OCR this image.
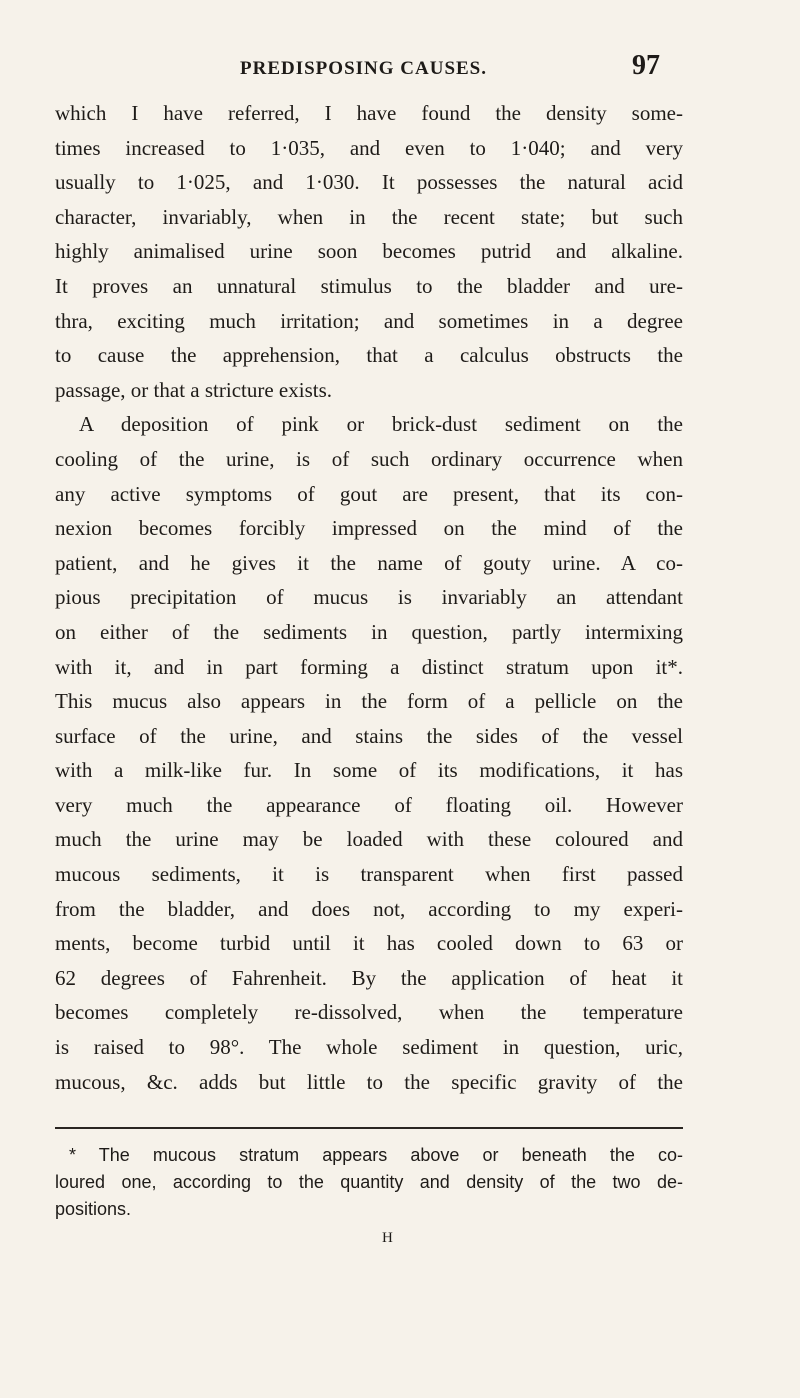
PREDISPOSING CAUSES.	97
which I have referred, I have found the density some-
times increased to 1·035, and even to 1·040; and very
usually to 1·025, and 1·030. It possesses the natural acid
character, invariably, when in the recent state; but such
highly animalised urine soon becomes putrid and alkaline.
It proves an unnatural stimulus to the bladder and ure-
thra, exciting much irritation; and sometimes in a degree
to cause the apprehension, that a calculus obstructs the
passage, or that a stricture exists.
A deposition of pink or brick-dust sediment on the
cooling of the urine, is of such ordinary occurrence when
any active symptoms of gout are present, that its con-
nexion becomes forcibly impressed on the mind of the
patient, and he gives it the name of gouty urine. A co-
pious precipitation of mucus is invariably an attendant
on either of the sediments in question, partly intermixing
with it, and in part forming a distinct stratum upon it*.
This mucus also appears in the form of a pellicle on the
surface of the urine, and stains the sides of the vessel
with a milk-like fur. In some of its modifications, it has
very much the appearance of floating oil. However
much the urine may be loaded with these coloured and
mucous sediments, it is transparent when first passed
from the bladder, and does not, according to my experi-
ments, become turbid until it has cooled down to 63 or
62 degrees of Fahrenheit. By the application of heat it
becomes completely re-dissolved, when the temperature
is raised to 98°. The whole sediment in question, uric,
mucous, &c. adds but little to the specific gravity of the
* The mucous stratum appears above or beneath the co-
loured one, according to the quantity and density of the two de-
positions.
H
